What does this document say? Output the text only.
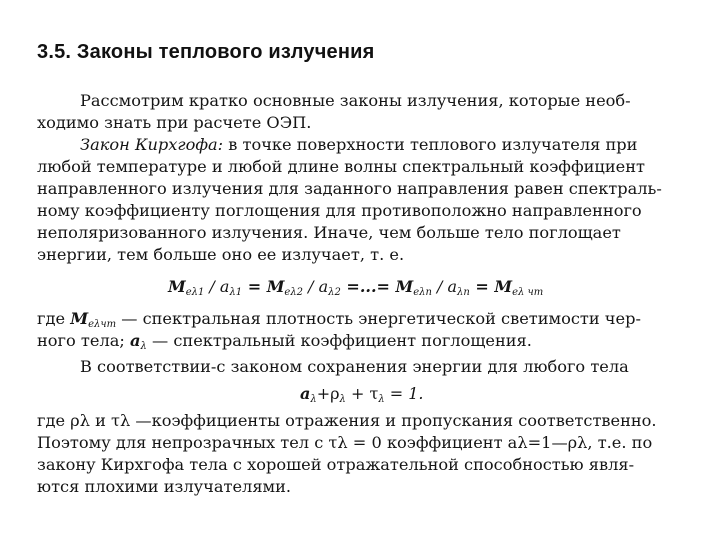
3.5. Законы теплового излучения
Рассмотрим кратко основные законы излучения, которые необ-
ходимо знать при расчете ОЭП.
Закон Кирхгофа: в точке поверхности теплового излучателя при
любой температуре и любой длине волны спектральный коэффициент
направленного излучения для заданного направления равен спектраль-
ному коэффициенту поглощения для противоположно направленного
неполяризованного излучения. Иначе, чем больше тело поглощает
энергии, тем больше оно ее излучает, т. е.
$M_{e\lambda 1} / a_{\lambda 1} = M_{e\lambda 2} / a_{\lambda 2}$ =...= $M_{e\lambda n} / a_{\lambda n} = M_{e\lambda чт}$
где $M_{e\lambda чт}$ — спектральная плотность энергетической светимости чер-
ного тела; $a_\lambda$ — спектральный коэффициент поглощения.
В соответствии-с законом сохранения энергии для любого тела
$a_\lambda+\rho_\lambda + \tau_\lambda = 1$.
где ρλ и τλ —коэффициенты отражения и пропускания соответственно.
Поэтому для непрозрачных тел с τλ = 0 коэффициент aλ=1—ρλ, т.е. по
закону Кирхгофа тела с хорошей отражательной способностью явля-
ются плохими излучателями.
